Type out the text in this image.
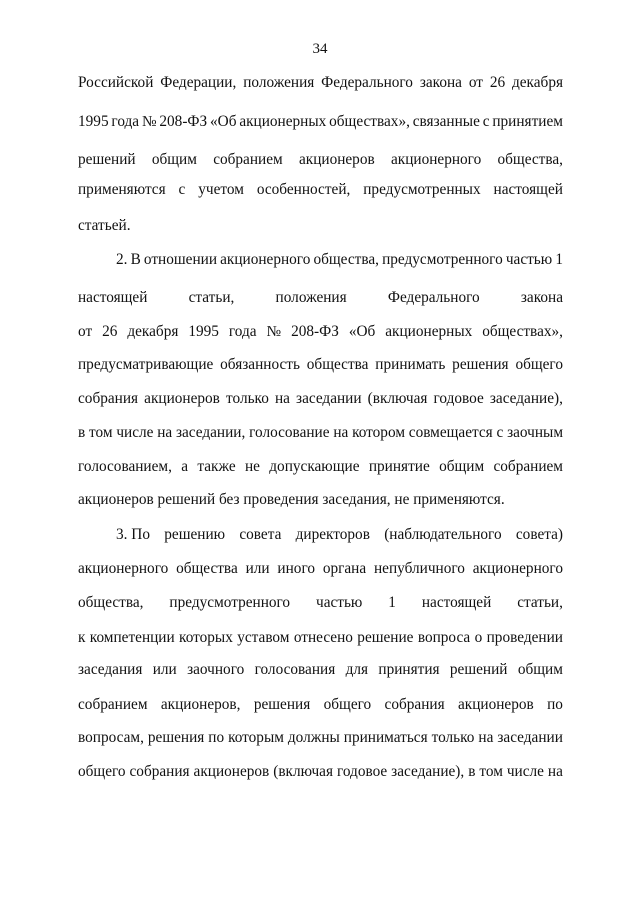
34
Российской Федерации, положения Федерального закона от 26 декабря
1995 года № 208-ФЗ «Об акционерных обществах», связанные с принятием
решений общим собранием акционеров акционерного общества,
применяются с учетом особенностей, предусмотренных настоящей
статьей.
2. В отношении акционерного общества, предусмотренного частью 1
настоящей	статьи,	положения	Федерального	закона
от 26 декабря 1995 года № 208-ФЗ «Об акционерных обществах»,
предусматривающие обязанность общества принимать решения общего
собрания акционеров только на заседании (включая годовое заседание),
в том числе на заседании, голосование на котором совмещается с заочным
голосованием, а также не допускающие принятие общим собранием
акционеров решений без проведения заседания, не применяются.
3. По решению совета директоров (наблюдательного совета)
акционерного общества или иного органа непубличного акционерного
общества, предусмотренного частью 1 настоящей статьи,
к компетенции которых уставом отнесено решение вопроса о проведении
заседания или заочного голосования для принятия решений общим
собранием акционеров, решения общего собрания акционеров по
вопросам, решения по которым должны приниматься только на заседании
общего собрания акционеров (включая годовое заседание), в том числе на
